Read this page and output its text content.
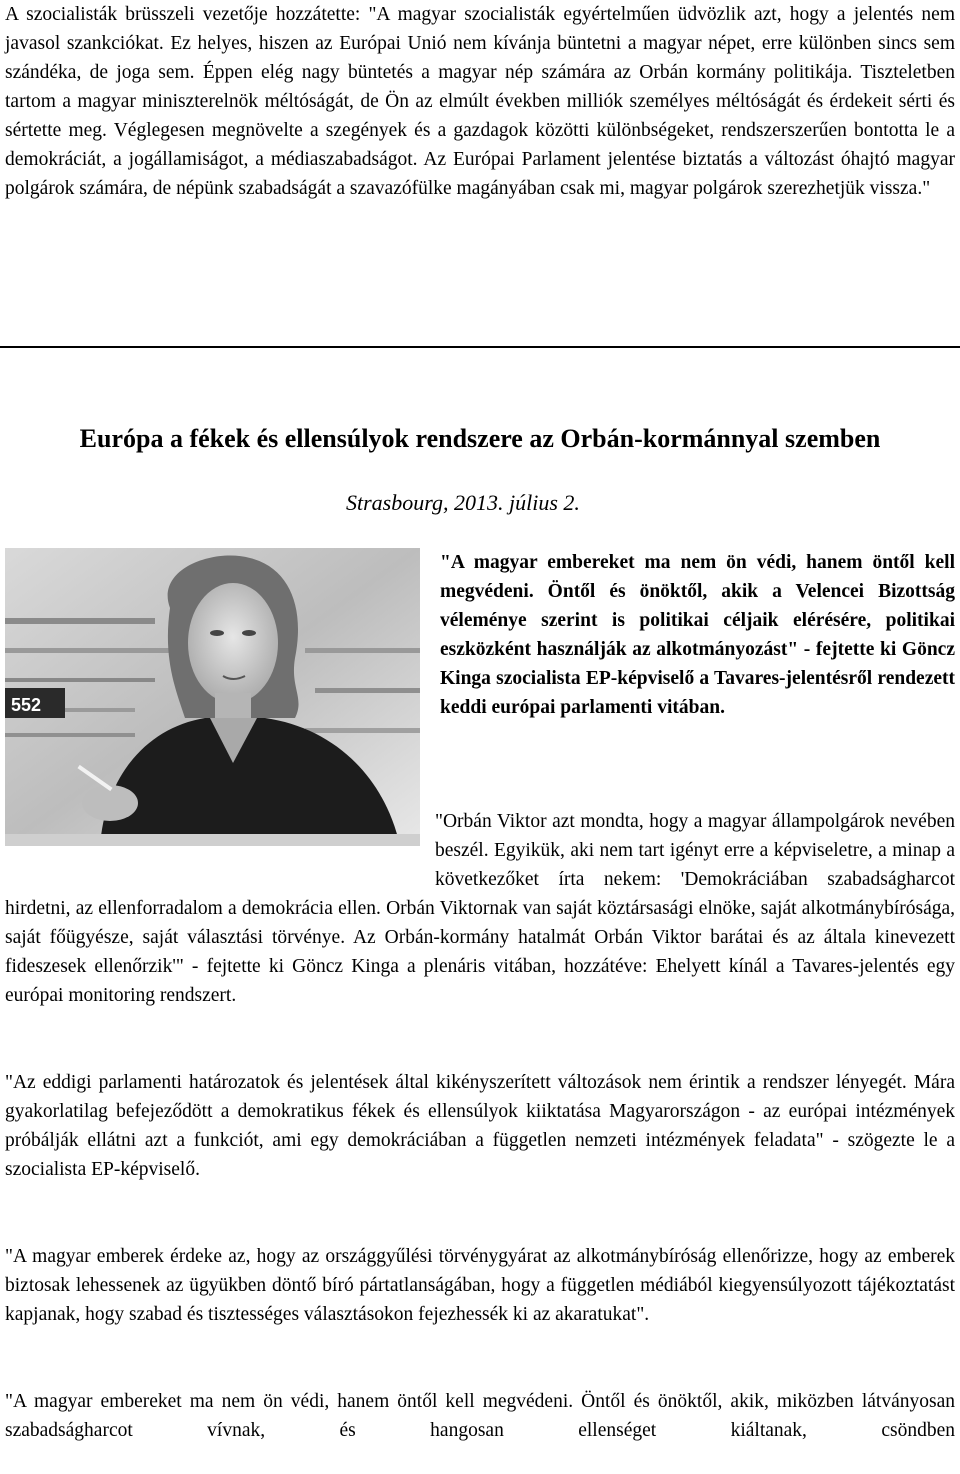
A szocialisták brüsszeli vezetője hozzátette: "A magyar szocialisták egyértelműen üdvözlik azt, hogy a jelentés nem javasol szankciókat. Ez helyes, hiszen az Európai Unió nem kívánja büntetni a magyar népet, erre különben sincs sem szándéka, de joga sem. Éppen elég nagy büntetés a magyar nép számára az Orbán kormány politikája. Tiszteletben tartom a magyar miniszterelnök méltóságát, de Ön az elmúlt években milliók személyes méltóságát és érdekeit sérti és sértette meg. Véglegesen megnövelte a szegények és a gazdagok közötti különbségeket, rendszerszerűen bontotta le a demokráciát, a jogállamiságot, a médiaszabadságot. Az Európai Parlament jelentése biztatás a változást óhajtó magyar polgárok számára, de népünk szabadságát a szavazófülke magányában csak mi, magyar polgárok szerezhetjük vissza."
Európa a fékek és ellensúlyok rendszere az Orbán-kormánnyal szemben
Strasbourg, 2013. július 2.
552
"A magyar embereket ma nem ön védi, hanem öntől kell megvédeni. Öntől és önöktől, akik a Velencei Bizottság véleménye szerint is politikai céljaik elérésére, politikai eszközként használják az alkotmányozást" - fejtette ki Göncz Kinga szocialista EP-képviselő a Tavares-jelentésről rendezett keddi európai parlamenti vitában.
"Orbán Viktor azt mondta, hogy a magyar állampolgárok nevében beszél. Egyikük, aki nem tart igényt erre a képviseletre, a minap a következőket írta nekem: 'Demokráciában szabadságharcot hirdetni, az ellenforradalom a demokrácia ellen. Orbán Viktornak van saját köztársasági elnöke, saját alkotmánybírósága, saját főügyésze, saját választási törvénye. Az Orbán-kormány hatalmát Orbán Viktor barátai és az általa kinevezett fideszesek ellenőrzik'" - fejtette ki Göncz Kinga a plenáris vitában, hozzátéve: Ehelyett kínál a Tavares-jelentés egy európai monitoring rendszert.
"Az eddigi parlamenti határozatok és jelentések által kikényszerített változások nem érintik a rendszer lényegét. Mára gyakorlatilag befejeződött a demokratikus fékek és ellensúlyok kiiktatása Magyarországon - az európai intézmények próbálják ellátni azt a funkciót, ami egy demokráciában a független nemzeti intézmények feladata" - szögezte le a szocialista EP-képviselő.
"A magyar emberek érdeke az, hogy az országgyűlési törvénygyárat az alkotmánybíróság ellenőrizze, hogy az emberek biztosak lehessenek az ügyükben döntő bíró pártatlanságában, hogy a független médiából kiegyensúlyozott tájékoztatást kapjanak, hogy szabad és tisztességes választásokon fejezhessék ki az akaratukat".
"A magyar embereket ma nem ön védi, hanem öntől kell megvédeni. Öntől és önöktől, akik, miközben látványosan szabadságharcot vívnak, és hangosan ellenséget kiáltanak, csöndben
